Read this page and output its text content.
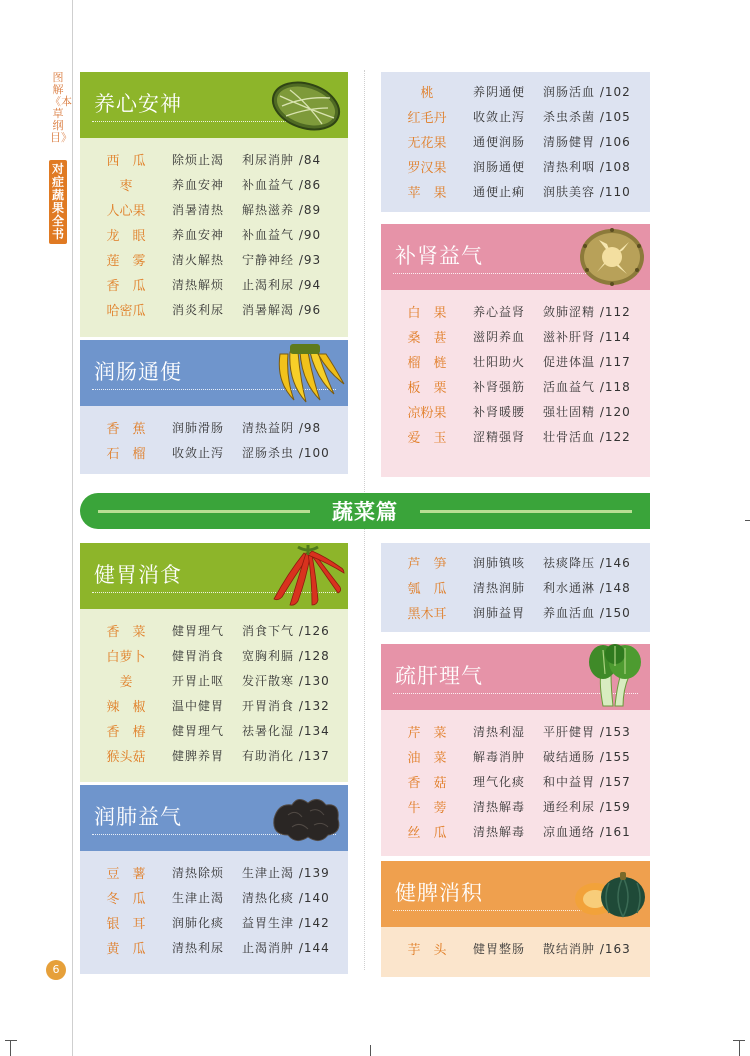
图解《本草纲目》
对症蔬果全书
6
养心安神
西　瓜	除烦止渴	利尿消肿 /84
枣	养血安神	补血益气 /86
人心果	消暑清热	解热滋养 /89
龙　眼	养血安神	补血益气 /90
莲　雾	清火解热	宁静神经 /93
香　瓜	清热解烦	止渴利尿 /94
哈密瓜	消炎利尿	消暑解渴 /96
润肠通便
香　蕉	润肺滑肠	清热益阴 /98
石　榴	收敛止泻	涩肠杀虫 /100
桃	养阴通便	润肠活血 /102
红毛丹	收敛止泻	杀虫杀菌 /105
无花果	通便润肠	清肠健胃 /106
罗汉果	润肠通便	清热利咽 /108
苹　果	通便止痢	润肤美容 /110
补肾益气
白　果	养心益肾	敛肺涩精 /112
桑　葚	滋阴养血	滋补肝肾 /114
榴　梿	壮阳助火	促进体温 /117
板　栗	补肾强筋	活血益气 /118
凉粉果	补肾暖腰	强壮固精 /120
爱　玉	涩精强肾	壮骨活血 /122
蔬菜篇
健胃消食
香　菜	健胃理气	消食下气 /126
白萝卜	健胃消食	宽胸利膈 /128
姜	开胃止呕	发汗散寒 /130
辣　椒	温中健胃	开胃消食 /132
香　椿	健胃理气	祛暑化湿 /134
猴头菇	健脾养胃	有助消化 /137
润肺益气
豆　薯	清热除烦	生津止渴 /139
冬　瓜	生津止渴	清热化痰 /140
银　耳	润肺化痰	益胃生津 /142
黄　瓜	清热利尿	止渴消肿 /144
芦　笋	润肺镇咳	祛痰降压 /146
瓠　瓜	清热润肺	利水通淋 /148
黑木耳	润肺益胃	养血活血 /150
疏肝理气
芹　菜	清热利湿	平肝健胃 /153
油　菜	解毒消肿	破结通肠 /155
香　菇	理气化痰	和中益胃 /157
牛　蒡	清热解毒	通经利尿 /159
丝　瓜	清热解毒	凉血通络 /161
健脾消积
芋　头	健胃整肠	散结消肿 /163
